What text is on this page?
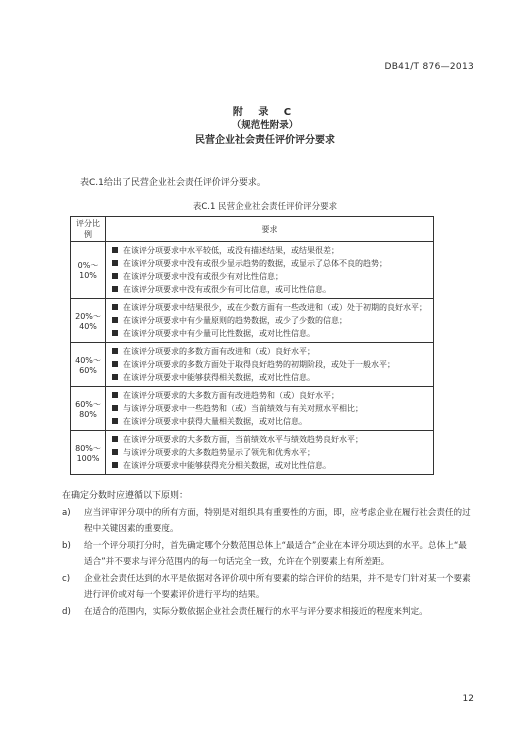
DB41/T 876—2013
附 录 C
（规范性附录）
民营企业社会责任评价评分要求
表C.1给出了民营企业社会责任评价评分要求。
表C.1 民营企业社会责任评价评分要求
评分比例	要求
0%～10%	在该评分项要求中水平较低，或没有描述结果，或结果很差；
在该评分项要求中没有或很少显示趋势的数据，或显示了总体不良的趋势；
在该评分项要求中没有或很少有对比性信息；
在该评分项要求中没有或很少有可比信息，或可比性信息。

20%～40%	在该评分项要求中结果很少，或在少数方面有一些改进和（或）处于初期的良好水平；
在该评分项要求中有少量原则的趋势数据，或少了少数的信息；
在该评分项要求中有少量可比性数据，或对比性信息。

40%～60%	在该评分项要求的多数方面有改进和（或）良好水平；
在该评分项要求的多数方面处于取得良好趋势的初期阶段，或处于一般水平；
在该评分项要求中能够获得相关数据，或对比性信息。

60%～80%	在该评分项要求的大多数方面有改进趋势和（或）良好水平；
与该评分项要求中一些趋势和（或）当前绩效与有关对照水平相比；
在该评分项要求中获得大量相关数据，或对比信息。

80%～100%	在该评分项要求的大多数方面，当前绩效水平与绩效趋势良好水平；
与该评分项要求的大多数趋势显示了领先和优秀水平；
在该评分项要求中能够获得充分相关数据，或对比性信息。
在确定分数时应遵循以下原则：
a)	应当评审评分项中的所有方面，特别是对组织具有重要性的方面，即，应考虑企业在履行社会责任的过程中关键因素的重要度。
b)	给一个评分项打分时，首先确定哪个分数范围总体上“最适合”企业在本评分项达到的水平。总体上“最适合”并不要求与评分范围内的每一句话完全一致，允许在个别要素上有所差距。
c)	企业社会责任达到的水平是依据对各评价项中所有要素的综合评价的结果，并不是专门针对某一个要素进行评价或对每一个要素评价进行平均的结果。
d)	在适合的范围内，实际分数依据企业社会责任履行的水平与评分要求相接近的程度来判定。
12
